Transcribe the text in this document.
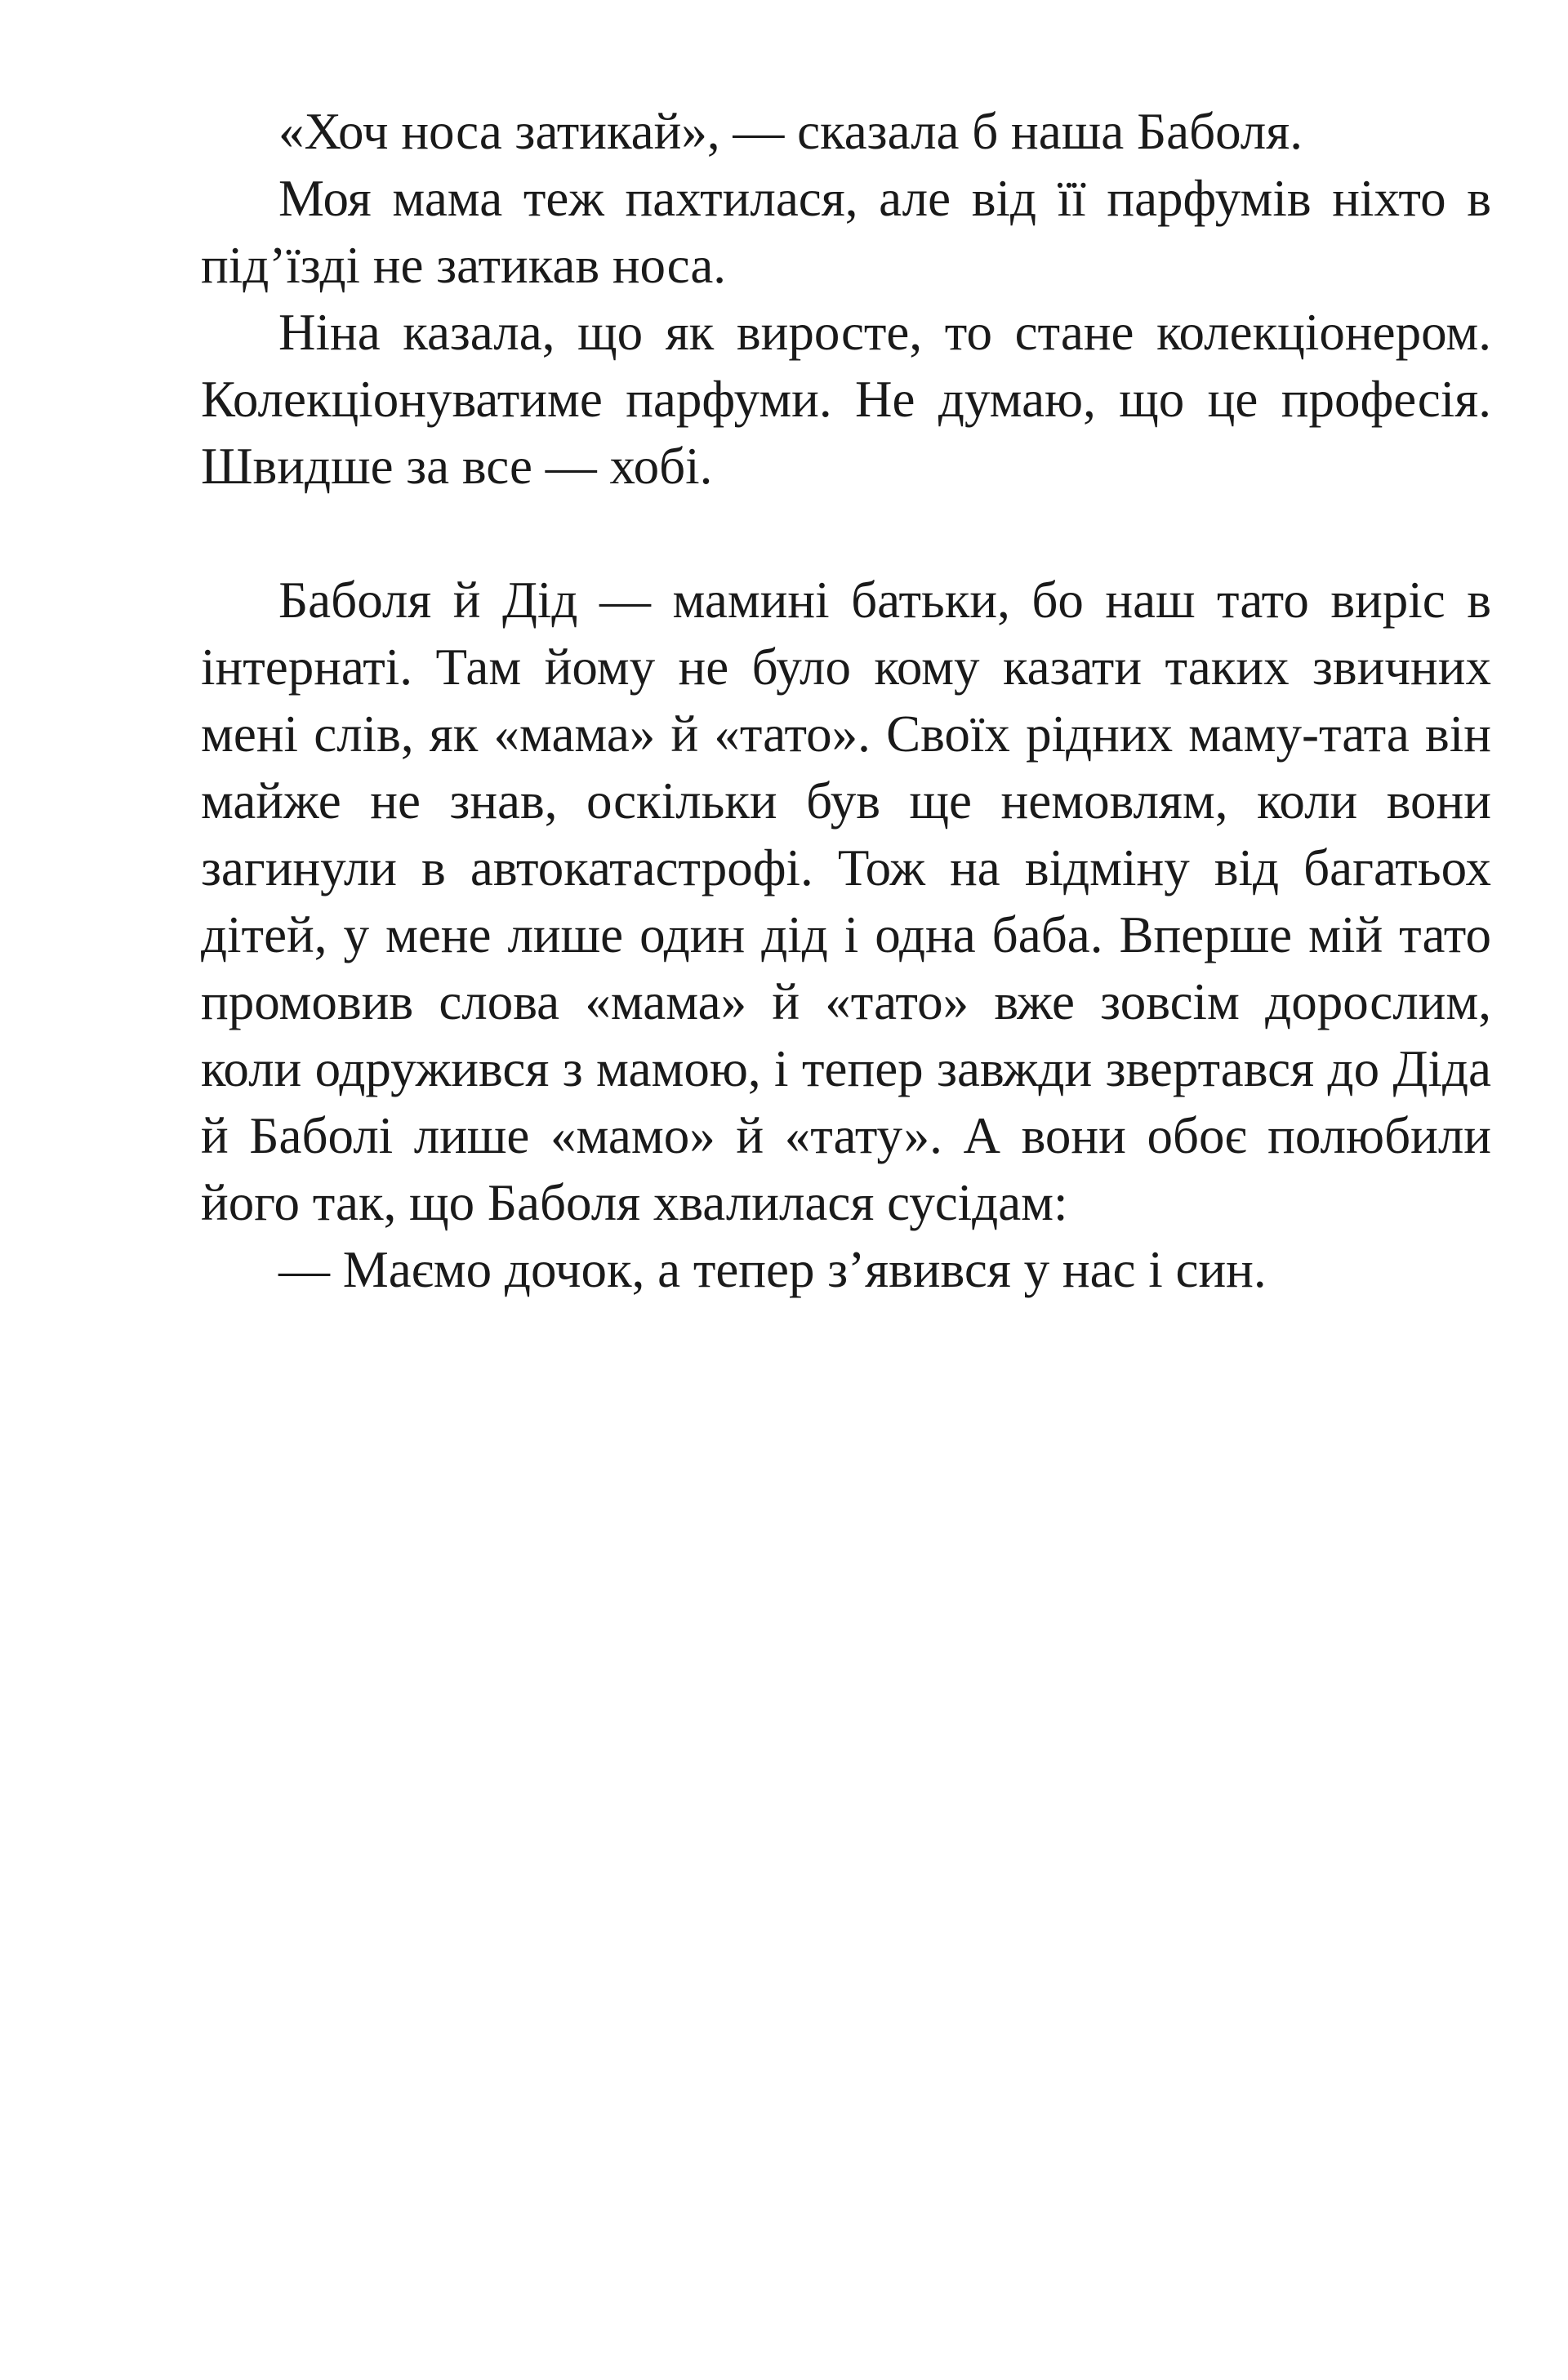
«Хоч носа затикай», — сказала б наша Баболя.

Моя мама теж пахтилася, але від її парфумів ніхто в під’їзді не затикав носа.

Ніна казала, що як виросте, то стане колекціонером. Колекціонуватиме парфуми. Не думаю, що це професія. Швидше за все — хобі.

Баболя й Дід — мамині батьки, бо наш тато виріс в інтернаті. Там йому не було кому казати таких звичних мені слів, як «мама» й «тато». Своїх рідних маму-тата він майже не знав, оскільки був ще немовлям, коли вони загинули в автокатастрофі. Тож на відміну від багатьох дітей, у мене лише один дід і одна баба. Вперше мій тато промовив слова «мама» й «тато» вже зовсім дорослим, коли одружився з мамою, і тепер завжди звертався до Діда й Баболі лише «мамо» й «тату». А вони обоє полюбили його так, що Баболя хвалилася сусідам:

— Маємо дочок, а тепер з’явився у нас і син.
